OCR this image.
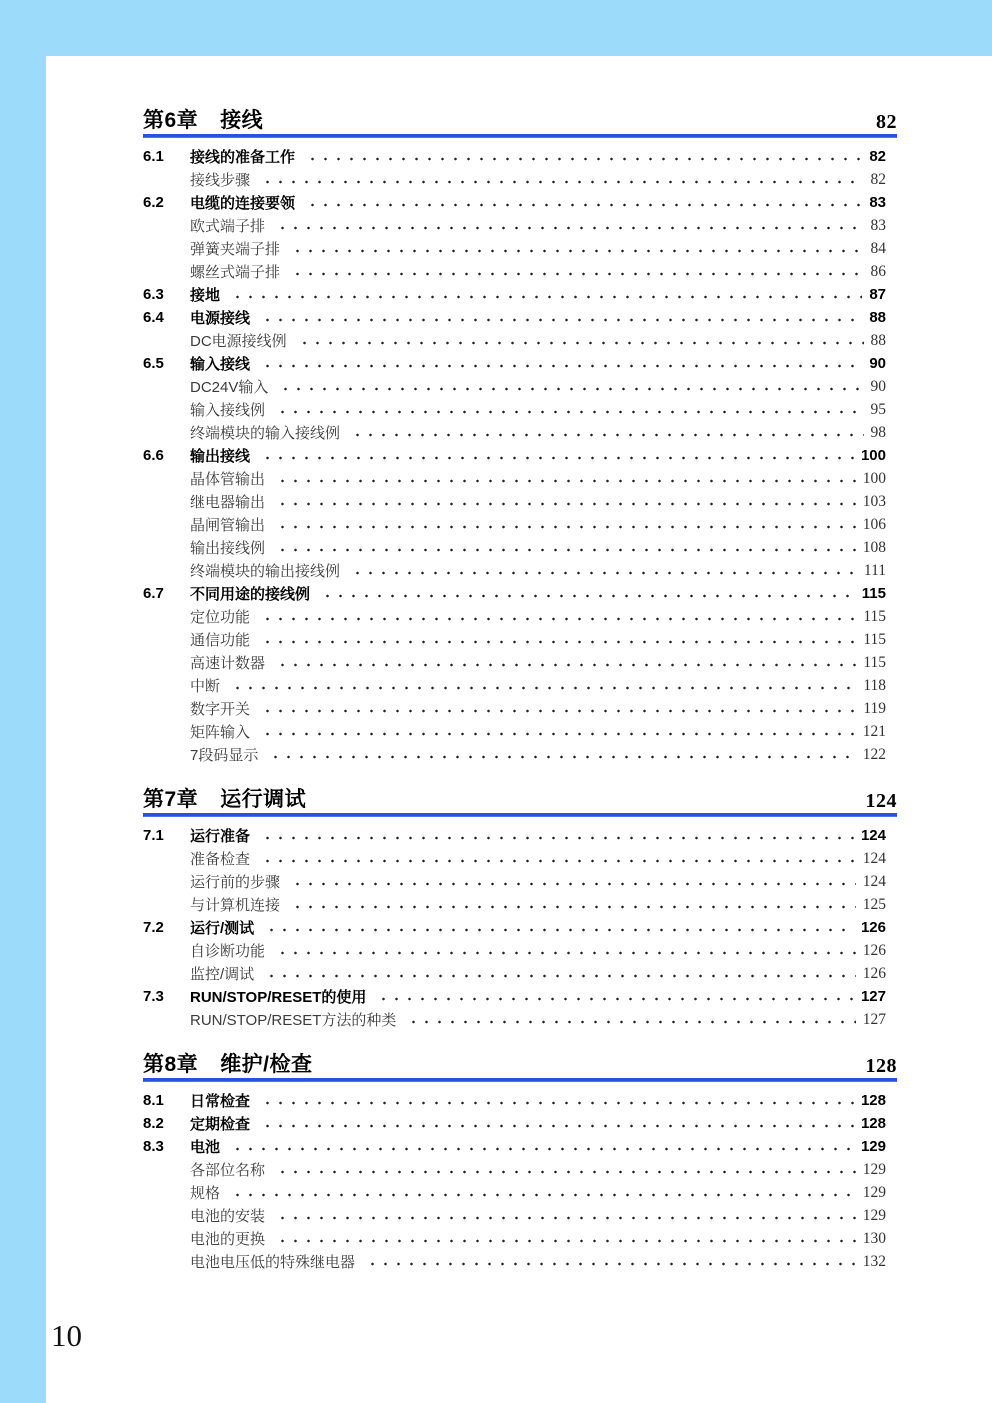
第6章 接线	82
6.1	接线的准备工作	82
接线步骤	82
6.2	电缆的连接要领	83
欧式端子排	83
弹簧夹端子排	84
螺丝式端子排	86
6.3	接地	87
6.4	电源接线	88
DC电源接线例	88
6.5	输入接线	90
DC24V输入	90
输入接线例	95
终端模块的输入接线例	98
6.6	输出接线	100
晶体管输出	100
继电器输出	103
晶闸管输出	106
输出接线例	108
终端模块的输出接线例	111
6.7	不同用途的接线例	115
定位功能	115
通信功能	115
高速计数器	115
中断	118
数字开关	119
矩阵输入	121
7段码显示	122
第7章 运行调试	124
7.1	运行准备	124
准备检查	124
运行前的步骤	124
与计算机连接	125
7.2	运行/测试	126
自诊断功能	126
监控/调试	126
7.3	RUN/STOP/RESET的使用	127
RUN/STOP/RESET方法的种类	127
第8章 维护/检查	128
8.1	日常检查	128
8.2	定期检查	128
8.3	电池	129
各部位名称	129
规格	129
电池的安装	129
电池的更换	130
电池电压低的特殊继电器	132
10
